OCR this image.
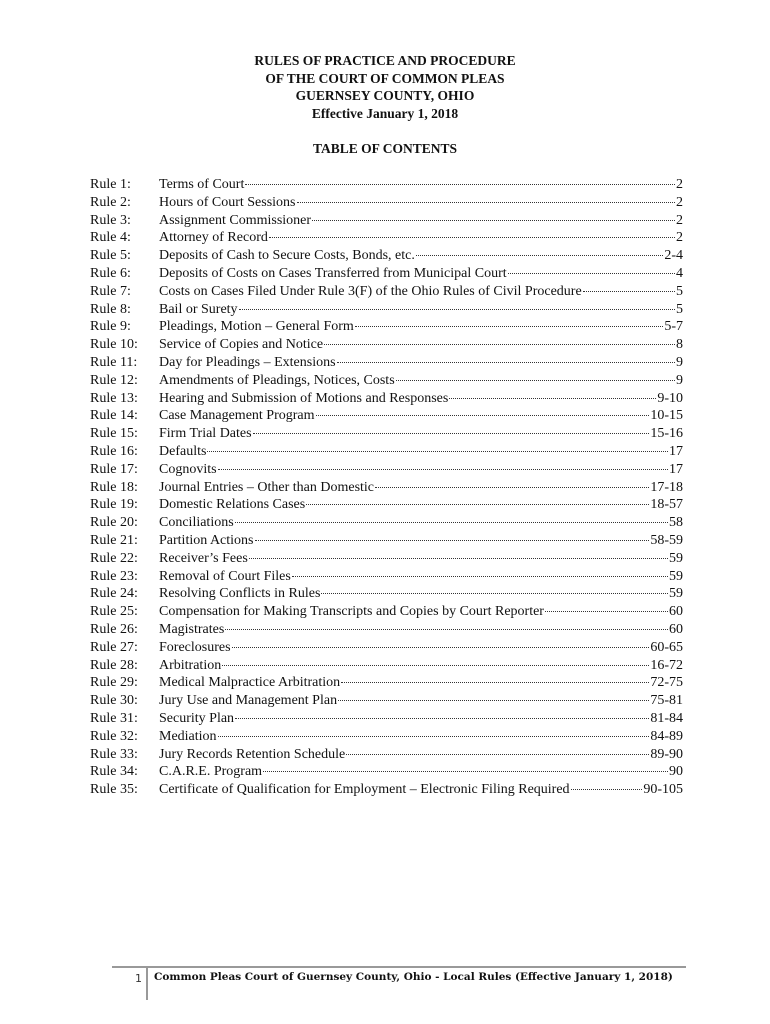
RULES OF PRACTICE AND PROCEDURE
OF THE COURT OF COMMON PLEAS
GUERNSEY COUNTY, OHIO
Effective January 1, 2018
TABLE OF CONTENTS
Rule 1:	Terms of Court	2
Rule 2:	Hours of Court Sessions	2
Rule 3:	Assignment Commissioner	2
Rule 4:	Attorney of Record	2
Rule 5:	Deposits of Cash to Secure Costs, Bonds, etc.	2-4
Rule 6:	Deposits of Costs on Cases Transferred from Municipal Court	4
Rule 7:	Costs on Cases Filed Under Rule 3(F) of the Ohio Rules of Civil Procedure	5
Rule 8:	Bail or Surety	5
Rule 9:	Pleadings, Motion – General Form	5-7
Rule 10:	Service of Copies and Notice	8
Rule 11:	Day for Pleadings – Extensions	9
Rule 12:	Amendments of Pleadings, Notices, Costs	9
Rule 13:	Hearing and Submission of Motions and Responses	9-10
Rule 14:	Case Management Program	10-15
Rule 15:	Firm Trial Dates	15-16
Rule 16:	Defaults	17
Rule 17:	Cognovits	17
Rule 18:	Journal Entries – Other than Domestic	17-18
Rule 19:	Domestic Relations Cases	18-57
Rule 20:	Conciliations	58
Rule 21:	Partition Actions	58-59
Rule 22:	Receiver’s Fees	59
Rule 23:	Removal of Court Files	59
Rule 24:	Resolving Conflicts in Rules	59
Rule 25:	Compensation for Making Transcripts and Copies by Court Reporter	60
Rule 26:	Magistrates	60
Rule 27:	Foreclosures	60-65
Rule 28:	Arbitration	16-72
Rule 29:	Medical Malpractice Arbitration	72-75
Rule 30:	Jury Use and Management Plan	75-81
Rule 31:	Security Plan	81-84
Rule 32:	Mediation	84-89
Rule 33:	Jury Records Retention Schedule	89-90
Rule 34:	C.A.R.E. Program	90
Rule 35:	Certificate of Qualification for Employment – Electronic Filing Required	90-105
1 Common Pleas Court of Guernsey County, Ohio - Local Rules (Effective January 1, 2018)
